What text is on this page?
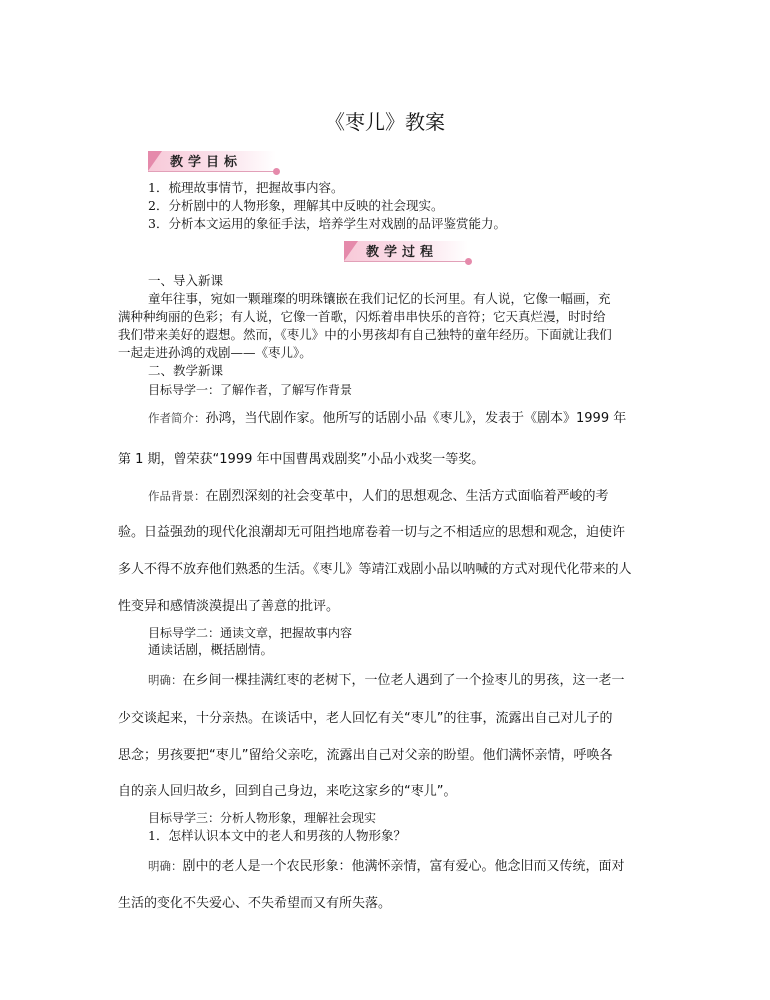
《枣儿》教案
教学目标

1．梳理故事情节，把握故事内容。

2．分析剧中的人物形象，理解其中反映的社会现实。

3．分析本文运用的象征手法，培养学生对戏剧的品评鉴赏能力。

教学过程

一、导入新课

童年往事，宛如一颗璀璨的明珠镶嵌在我们记忆的长河里。有人说，它像一幅画，充

满种种绚丽的色彩；有人说，它像一首歌，闪烁着串串快乐的音符；它天真烂漫，时时给

我们带来美好的遐想。然而，《枣儿》中的小男孩却有自己独特的童年经历。下面就让我们

一起走进孙鸿的戏剧——《枣儿》。

二、教学新课

目标导学一：了解作者，了解写作背景

作者简介：孙鸿，当代剧作家。他所写的话剧小品《枣儿》，发表于《剧本》1999 年

第 1 期，曾荣获“1999 年中国曹禺戏剧奖”小品小戏奖一等奖。

作品背景：在剧烈深刻的社会变革中，人们的思想观念、生活方式面临着严峻的考

验。日益强劲的现代化浪潮却无可阻挡地席卷着一切与之不相适应的思想和观念，迫使许

多人不得不放弃他们熟悉的生活。《枣儿》等靖江戏剧小品以呐喊的方式对现代化带来的人

性变异和感情淡漠提出了善意的批评。

目标导学二：通读文章，把握故事内容

通读话剧，概括剧情。

明确：在乡间一棵挂满红枣的老树下，一位老人遇到了一个捡枣儿的男孩，这一老一

少交谈起来，十分亲热。在谈话中，老人回忆有关“枣儿”的往事，流露出自己对儿子的

思念；男孩要把“枣儿”留给父亲吃，流露出自己对父亲的盼望。他们满怀亲情，呼唤各

自的亲人回归故乡，回到自己身边，来吃这家乡的“枣儿”。

目标导学三：分析人物形象，理解社会现实

1．怎样认识本文中的老人和男孩的人物形象？

明确：剧中的老人是一个农民形象：他满怀亲情，富有爱心。他念旧而又传统，面对

生活的变化不失爱心、不失希望而又有所失落。
